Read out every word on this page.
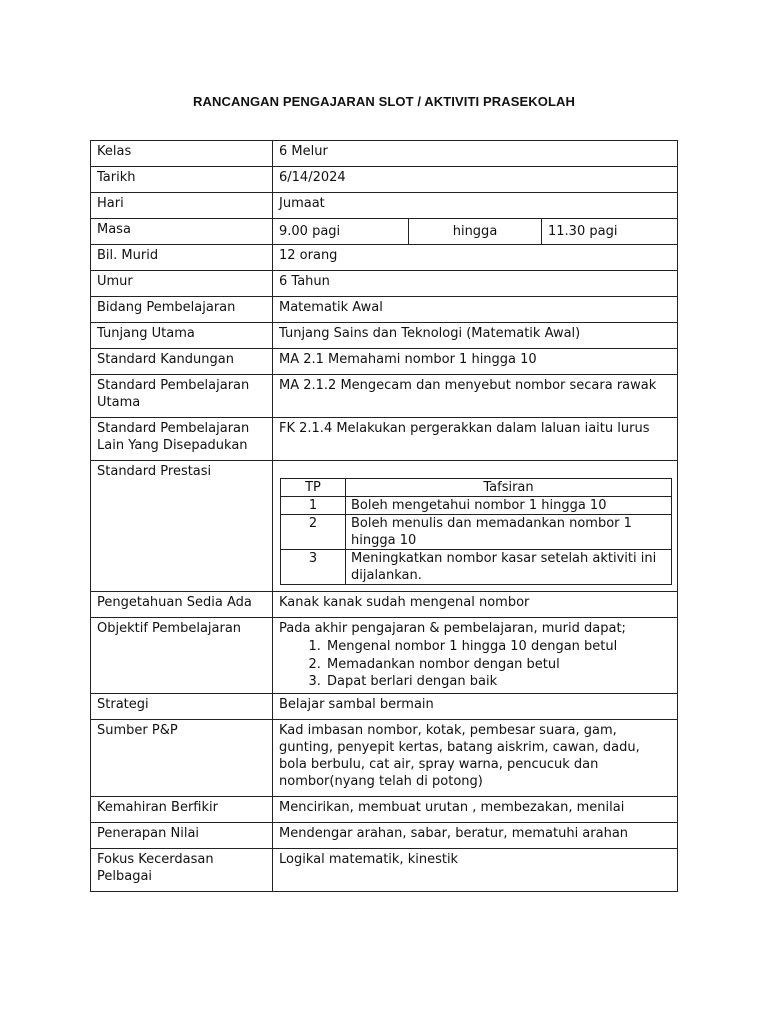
RANCANGAN PENGAJARAN SLOT / AKTIVITI PRASEKOLAH
Kelas	6 Melur
Tarikh	6/14/2024
Hari	Jumaat
Masa		9.00 pagi	hingga	11.30 pagi

Bil. Murid	12 orang
Umur	6 Tahun
Bidang Pembelajaran	Matematik Awal
Tunjang Utama	Tunjang Sains dan Teknologi (Matematik Awal)
Standard Kandungan	MA 2.1 Memahami nombor 1 hingga 10
Standard Pembelajaran Utama	MA 2.1.2 Mengecam dan menyebut nombor secara rawak
Standard Pembelajaran Lain Yang Disepadukan	FK 2.1.4 Melakukan pergerakkan dalam laluan iaitu lurus
Standard Prestasi	
TP	Tafsiran
1	Boleh mengetahui nombor 1 hingga 10
2	Boleh menulis dan memadankan nombor 1 hingga 10
3	Meningkatkan nombor kasar setelah aktiviti ini dijalankan.

Pengetahuan Sedia Ada	Kanak kanak sudah mengenal nombor
Objektif Pembelajaran	Pada akhir pengajaran & pembelajaran, murid dapat;
1. Mengenal nombor 1 hingga 10 dengan betul
2. Memadankan nombor dengan betul
3. Dapat berlari dengan baik

Strategi	Belajar sambal bermain
Sumber P&P	Kad imbasan nombor, kotak, pembesar suara, gam, gunting, penyepit kertas, batang aiskrim, cawan, dadu, bola berbulu, cat air, spray warna, pencucuk dan nombor(nyang telah di potong)
Kemahiran Berfikir	Mencirikan, membuat urutan , membezakan, menilai
Penerapan Nilai	Mendengar arahan, sabar, beratur, mematuhi arahan
Fokus Kecerdasan Pelbagai	Logikal matematik, kinestik
